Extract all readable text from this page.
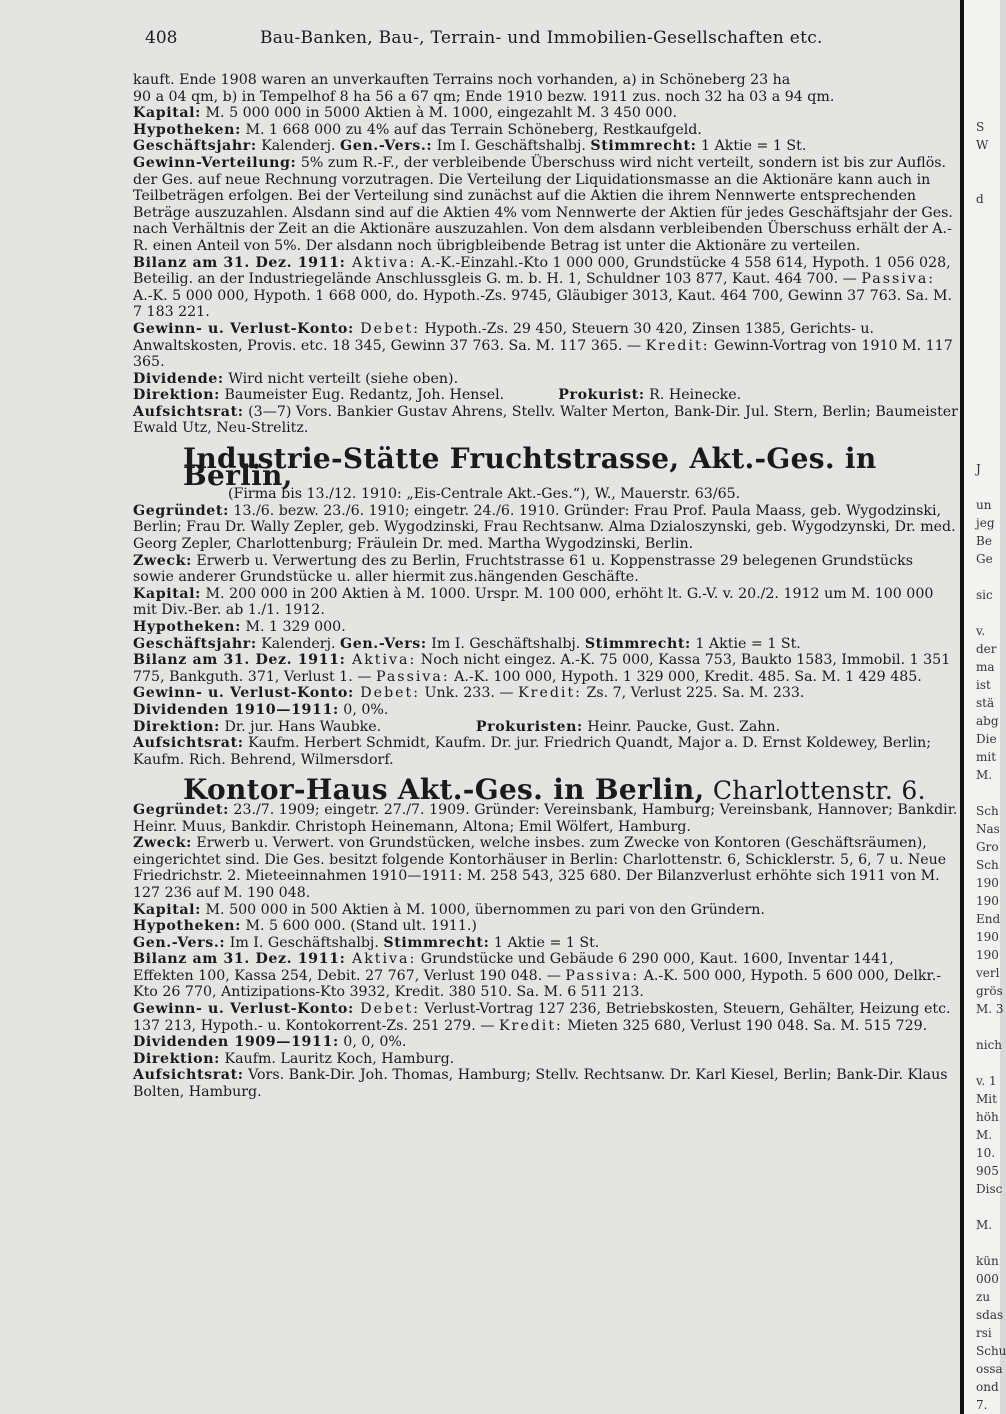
408	Bau-Banken, Bau-, Terrain- und Immobilien-Gesellschaften etc.

kauft. Ende 1908 waren an unverkauften Terrains noch vorhanden, a) in Schöneberg 23 ha

90 a 04 qm, b) in Tempelhof 8 ha 56 a 67 qm; Ende 1910 bezw. 1911 zus. noch 32 ha 03 a 94 qm.

Kapital: M. 5 000 000 in 5000 Aktien à M. 1000, eingezahlt M. 3 450 000.

Hypotheken: M. 1 668 000 zu 4% auf das Terrain Schöneberg, Restkaufgeld.

Geschäftsjahr: Kalenderj. Gen.-Vers.: Im I. Geschäftshalbj. Stimmrecht: 1 Aktie = 1 St.

Gewinn-Verteilung: 5% zum R.-F., der verbleibende Überschuss wird nicht verteilt, sondern ist bis zur Auflös. der Ges. auf neue Rechnung vorzutragen. Die Verteilung der Liquidationsmasse an die Aktionäre kann auch in Teilbeträgen erfolgen. Bei der Verteilung sind zunächst auf die Aktien die ihrem Nennwerte entsprechenden Beträge auszuzahlen. Alsdann sind auf die Aktien 4% vom Nennwerte der Aktien für jedes Geschäftsjahr der Ges. nach Verhältnis der Zeit an die Aktionäre auszuzahlen. Von dem alsdann verbleibenden Überschuss erhält der A.-R. einen Anteil von 5%. Der alsdann noch übrigbleibende Betrag ist unter die Aktionäre zu verteilen.

Bilanz am 31. Dez. 1911: Aktiva: A.-K.-Einzahl.-Kto 1 000 000, Grundstücke 4 558 614, Hypoth. 1 056 028, Beteilig. an der Industriegelände Anschlussgleis G. m. b. H. 1, Schuldner 103 877, Kaut. 464 700. — Passiva: A.-K. 5 000 000, Hypoth. 1 668 000, do. Hypoth.-Zs. 9745, Gläubiger 3013, Kaut. 464 700, Gewinn 37 763. Sa. M. 7 183 221.

Gewinn- u. Verlust-Konto: Debet: Hypoth.-Zs. 29 450, Steuern 30 420, Zinsen 1385, Gerichts- u. Anwaltskosten, Provis. etc. 18 345, Gewinn 37 763. Sa. M. 117 365. — Kredit: Gewinn-Vortrag von 1910 M. 117 365.

Dividende: Wird nicht verteilt (siehe oben).

Direktion: Baumeister Eug. Redantz, Joh. Hensel.	Prokurist: R. Heinecke.

Aufsichtsrat: (3—7) Vors. Bankier Gustav Ahrens, Stellv. Walter Merton, Bank-Dir. Jul. Stern, Berlin; Baumeister Ewald Utz, Neu-Strelitz.

Industrie-Stätte Fruchtstrasse, Akt.-Ges. in Berlin,

(Firma bis 13./12. 1910: „Eis-Centrale Akt.-Ges.“), W., Mauerstr. 63/65.

Gegründet: 13./6. bezw. 23./6. 1910; eingetr. 24./6. 1910. Gründer: Frau Prof. Paula Maass, geb. Wygodzinski, Berlin; Frau Dr. Wally Zepler, geb. Wygodzinski, Frau Rechtsanw. Alma Dzialoszynski, geb. Wygodzynski, Dr. med. Georg Zepler, Charlottenburg; Fräulein Dr. med. Martha Wygodzinski, Berlin.

Zweck: Erwerb u. Verwertung des zu Berlin, Fruchtstrasse 61 u. Koppenstrasse 29 belegenen Grundstücks sowie anderer Grundstücke u. aller hiermit zus.hängenden Geschäfte.

Kapital: M. 200 000 in 200 Aktien à M. 1000. Urspr. M. 100 000, erhöht lt. G.-V. v. 20./2. 1912 um M. 100 000 mit Div.-Ber. ab 1./1. 1912.

Hypotheken: M. 1 329 000.

Geschäftsjahr: Kalenderj. Gen.-Vers: Im I. Geschäftshalbj. Stimmrecht: 1 Aktie = 1 St.

Bilanz am 31. Dez. 1911: Aktiva: Noch nicht eingez. A.-K. 75 000, Kassa 753, Baukto 1583, Immobil. 1 351 775, Bankguth. 371, Verlust 1. — Passiva: A.-K. 100 000, Hypoth. 1 329 000, Kredit. 485. Sa. M. 1 429 485.

Gewinn- u. Verlust-Konto: Debet: Unk. 233. — Kredit: Zs. 7, Verlust 225. Sa. M. 233.

Dividenden 1910—1911: 0, 0%.

Direktion: Dr. jur. Hans Waubke.	Prokuristen: Heinr. Paucke, Gust. Zahn.

Aufsichtsrat: Kaufm. Herbert Schmidt, Kaufm. Dr. jur. Friedrich Quandt, Major a. D. Ernst Koldewey, Berlin; Kaufm. Rich. Behrend, Wilmersdorf.

Kontor-Haus Akt.-Ges. in Berlin, Charlottenstr. 6.

Gegründet: 23./7. 1909; eingetr. 27./7. 1909. Gründer: Vereinsbank, Hamburg; Vereinsbank, Hannover; Bankdir. Heinr. Muus, Bankdir. Christoph Heinemann, Altona; Emil Wölfert, Hamburg.

Zweck: Erwerb u. Verwert. von Grundstücken, welche insbes. zum Zwecke von Kontoren (Geschäftsräumen), eingerichtet sind. Die Ges. besitzt folgende Kontorhäuser in Berlin: Charlottenstr. 6, Schicklerstr. 5, 6, 7 u. Neue Friedrichstr. 2. Mieteeinnahmen 1910—1911: M. 258 543, 325 680. Der Bilanzverlust erhöhte sich 1911 von M. 127 236 auf M. 190 048.

Kapital: M. 500 000 in 500 Aktien à M. 1000, übernommen zu pari von den Gründern.

Hypotheken: M. 5 600 000. (Stand ult. 1911.)

Gen.-Vers.: Im I. Geschäftshalbj. Stimmrecht: 1 Aktie = 1 St.

Bilanz am 31. Dez. 1911: Aktiva: Grundstücke und Gebäude 6 290 000, Kaut. 1600, Inventar 1441, Effekten 100, Kassa 254, Debit. 27 767, Verlust 190 048. — Passiva: A.-K. 500 000, Hypoth. 5 600 000, Delkr.-Kto 26 770, Antizipations-Kto 3932, Kredit. 380 510. Sa. M. 6 511 213.

Gewinn- u. Verlust-Konto: Debet: Verlust-Vortrag 127 236, Betriebskosten, Steuern, Gehälter, Heizung etc. 137 213, Hypoth.- u. Kontokorrent-Zs. 251 279. — Kredit: Mieten 325 680, Verlust 190 048. Sa. M. 515 729.

Dividenden 1909—1911: 0, 0, 0%.

Direktion: Kaufm. Lauritz Koch, Hamburg.

Aufsichtsrat: Vors. Bank-Dir. Joh. Thomas, Hamburg; Stellv. Rechtsanw. Dr. Karl Kiesel, Berlin; Bank-Dir. Klaus Bolten, Hamburg.

S
W

d

J

un
jeg
Be
Ge

sic

v.
der
ma
ist
stä
abg
Die
mit
M.

Sch
Nas
Gro
Sch
190
190
End
190
190
verl
grös
M. 3

nich

v. 1
Mit
höh
M.
10.
905
Disc

M.

kün
000
zu
sdas
rsi
Schu
ossa
ond
7.
